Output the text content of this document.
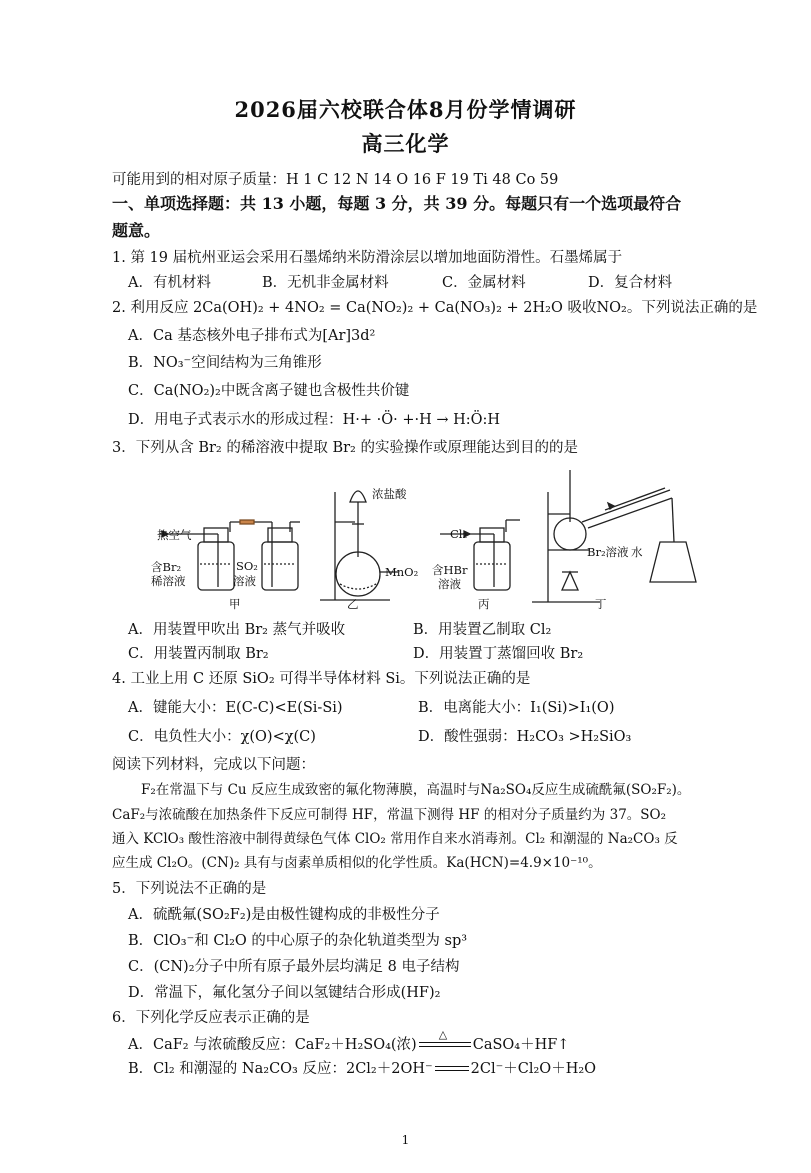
2026届六校联合体8月份学情调研
高三化学
可能用到的相对原子质量：H 1 C 12 N 14 O 16 F 19 Ti 48 Co 59
一、单项选择题：共 13 小题，每题 3 分，共 39 分。每题只有一个选项最符合
题意。
1. 第 19 届杭州亚运会采用石墨烯纳米防滑涂层以增加地面防滑性。石墨烯属于
A．有机材料	B．无机非金属材料	C．金属材料	D．复合材料
2. 利用反应 2Ca(OH)₂ + 4NO₂ = Ca(NO₂)₂ + Ca(NO₃)₂ + 2H₂O 吸收NO₂。下列说法正确的是
A．Ca 基态核外电子排布式为[Ar]3d²
B．NO₃⁻空间结构为三角锥形
C．Ca(NO₂)₂中既含离子键也含极性共价键
D．用电子式表示水的形成过程：H·+ ·Ö· +·H → H:Ö:H
3．下列从含 Br₂ 的稀溶液中提取 Br₂ 的实验操作或原理能达到目的的是
热空气
含Br₂
稀溶液
SO₂
溶液
浓盐酸
MnO₂
Cl₂
含HBr
溶液
Br₂溶液 水
甲	乙	丙	丁
A．用装置甲吹出 Br₂ 蒸气并吸收	B．用装置乙制取 Cl₂
C．用装置丙制取 Br₂	D．用装置丁蒸馏回收 Br₂
4. 工业上用 C 还原 SiO₂ 可得半导体材料 Si。下列说法正确的是
A．键能大小：E(C-C)<E(Si-Si)	B．电离能大小：I₁(Si)>I₁(O)
C．电负性大小：χ(O)<χ(C)	D．酸性强弱：H₂CO₃ >H₂SiO₃
阅读下列材料，完成以下问题：
F₂在常温下与 Cu 反应生成致密的氟化物薄膜，高温时与Na₂SO₄反应生成硫酰氟(SO₂F₂)。
CaF₂与浓硫酸在加热条件下反应可制得 HF，常温下测得 HF 的相对分子质量约为 37。SO₂
通入 KClO₃ 酸性溶液中制得黄绿色气体 ClO₂ 常用作自来水消毒剂。Cl₂ 和潮湿的 Na₂CO₃ 反
应生成 Cl₂O。(CN)₂ 具有与卤素单质相似的化学性质。Ka(HCN)=4.9×10⁻¹⁰。
5．下列说法不正确的是
A．硫酰氟(SO₂F₂)是由极性键构成的非极性分子
B．ClO₃⁻和 Cl₂O 的中心原子的杂化轨道类型为 sp³
C．(CN)₂分子中所有原子最外层均满足 8 电子结构
D．常温下，氟化氢分子间以氢键结合形成(HF)₂
6．下列化学反应表示正确的是
A．CaF₂ 与浓硫酸反应：CaF₂＋H₂SO₄(浓)
△
CaSO₄＋HF↑
B．Cl₂ 和潮湿的 Na₂CO₃ 反应：2Cl₂＋2OH⁻	2Cl⁻＋Cl₂O＋H₂O
1
